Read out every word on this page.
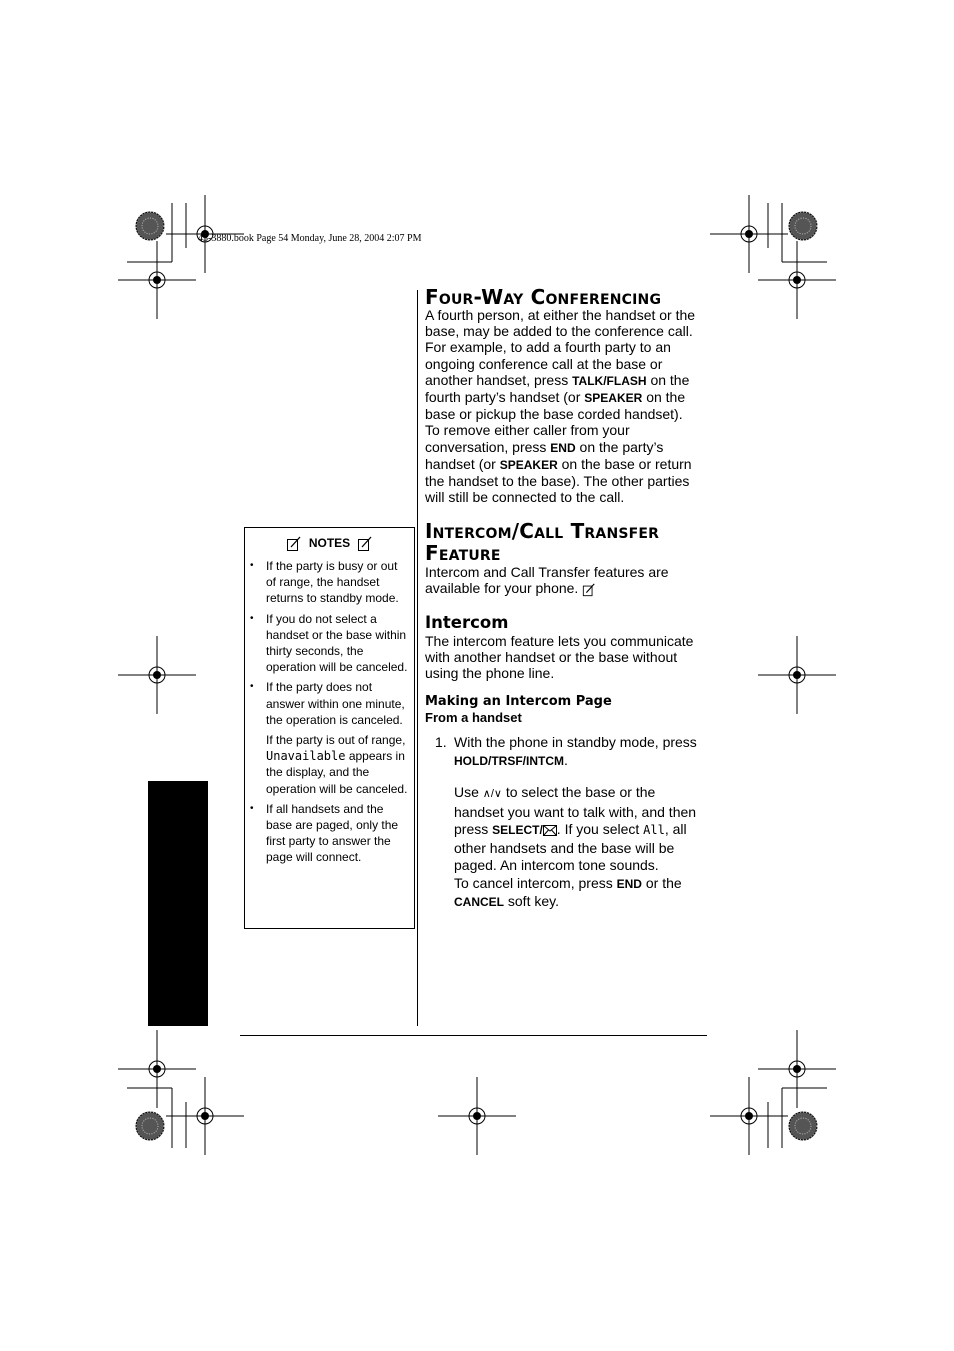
43-3880.book Page 54 Monday, June 28, 2004 2:07 PM
NOTES
• If the party is busy or out of range, the handset returns to standby mode.
• If you do not select a handset or the base within thirty seconds, the operation will be canceled.
• If the party does not answer within one minute, the operation is canceled.
If the party is out of range, Unavailable appears in the display, and the operation will be canceled.
• If all handsets and the base are paged, only the first party to answer the page will connect.
Four-Way Conferencing

A fourth person, at either the handset or the base, may be added to the conference call. For example, to add a fourth party to an ongoing conference call at the base or another handset, press TALK/FLASH on the fourth party’s handset (or SPEAKER on the base or pickup the base corded handset).

To remove either caller from your conversation, press END on the party’s handset (or SPEAKER on the base or return the handset to the base). The other parties will still be connected to the call.

Intercom/Call Transfer
Feature
Intercom and Call Transfer features are available for your phone.
Intercom
The intercom feature lets you communicate with another handset or the base without using the phone line.
Making an Intercom Page
From a handset
1. With the phone in standby mode, press
HOLD/TRSF/INTCM.

Use ∧/∨ to select the base or the handset you want to talk with, and then press SELECT/ . If you select All, all other handsets and the base will be paged. An intercom tone sounds.

To cancel intercom, press END or the CANCEL soft key.
